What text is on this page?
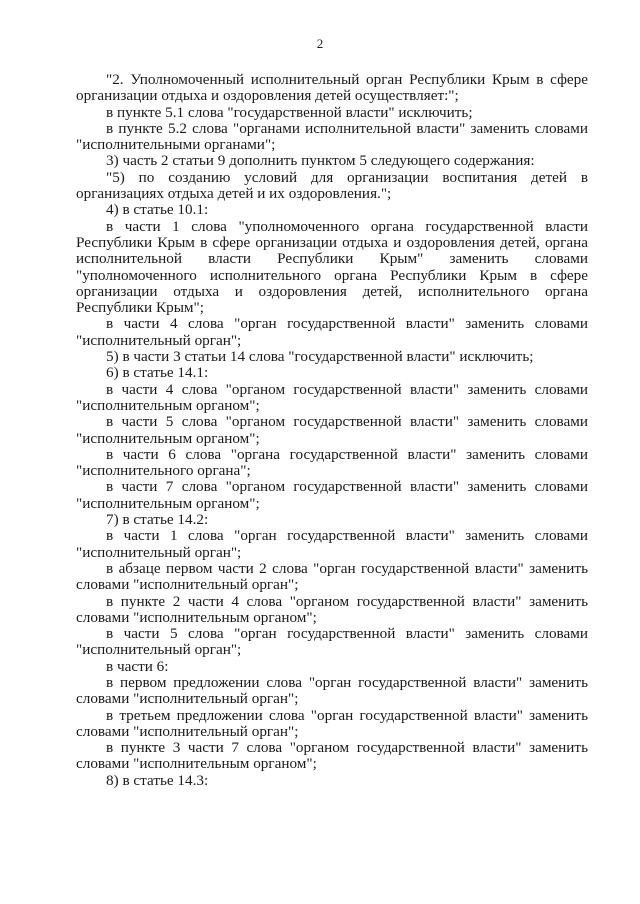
2

"2. Уполномоченный исполнительный орган Республики Крым в сфере организации отдыха и оздоровления детей осуществляет:";

в пункте 5.1 слова "государственной власти" исключить;

в пункте 5.2 слова "органами исполнительной власти" заменить словами "исполнительными органами";

3) часть 2 статьи 9 дополнить пунктом 5 следующего содержания:

"5) по созданию условий для организации воспитания детей в организациях отдыха детей и их оздоровления.";

4) в статье 10.1:

в части 1 слова "уполномоченного органа государственной власти Республики Крым в сфере организации отдыха и оздоровления детей, органа исполнительной власти Республики Крым" заменить словами "уполномоченного исполнительного органа Республики Крым в сфере организации отдыха и оздоровления детей, исполнительного органа Республики Крым";

в части 4 слова "орган государственной власти" заменить словами "исполнительный орган";

5) в части 3 статьи 14 слова "государственной власти" исключить;

6) в статье 14.1:

в части 4 слова "органом государственной власти" заменить словами "исполнительным органом";

в части 5 слова "органом государственной власти" заменить словами "исполнительным органом";

в части 6 слова "органа государственной власти" заменить словами "исполнительного органа";

в части 7 слова "органом государственной власти" заменить словами "исполнительным органом";

7) в статье 14.2:

в части 1 слова "орган государственной власти" заменить словами "исполнительный орган";

в абзаце первом части 2 слова "орган государственной власти" заменить словами "исполнительный орган";

в пункте 2 части 4 слова "органом государственной власти" заменить словами "исполнительным органом";

в части 5 слова "орган государственной власти" заменить словами "исполнительный орган";

в части 6:

в первом предложении слова "орган государственной власти" заменить словами "исполнительный орган";

в третьем предложении слова "орган государственной власти" заменить словами "исполнительный орган";

в пункте 3 части 7 слова "органом государственной власти" заменить словами "исполнительным органом";

8) в статье 14.3:
